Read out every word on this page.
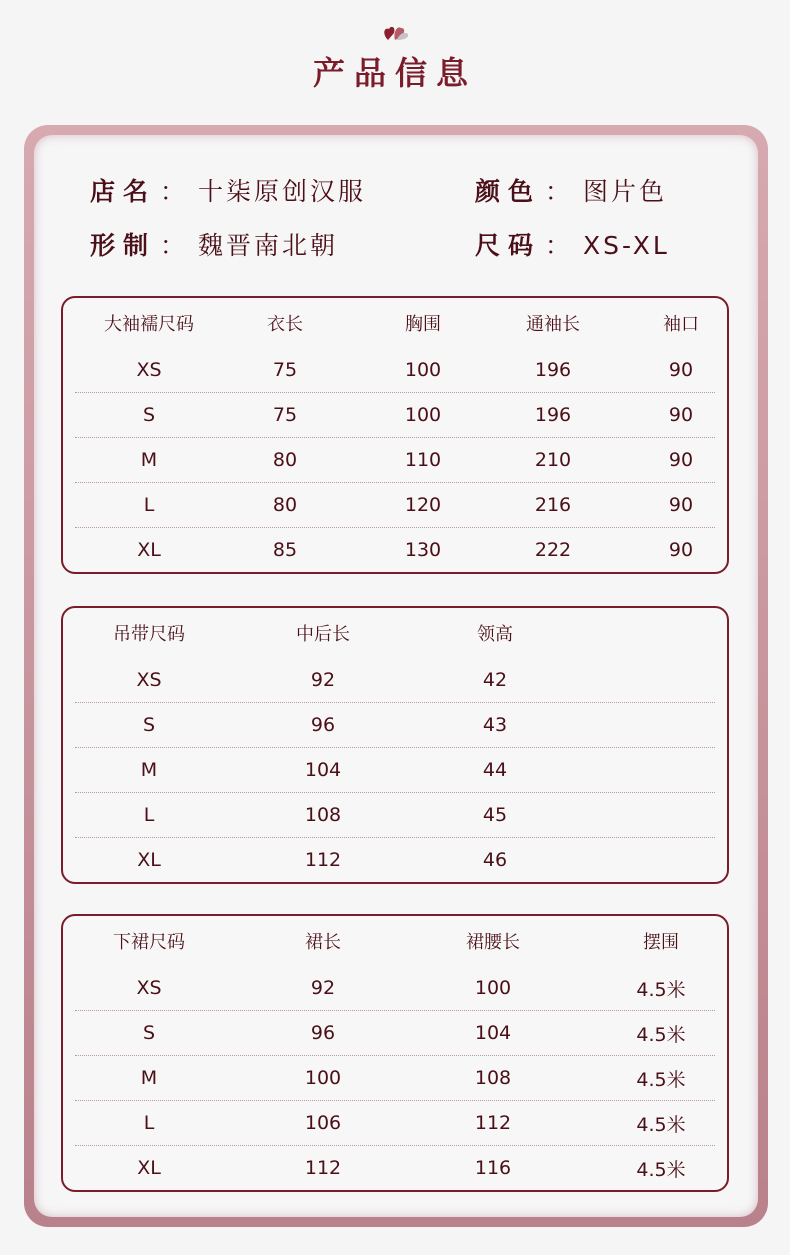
产品信息
店名 ： 十柒原创汉服	颜色 ： 图片色
形制 ： 魏晋南北朝	尺码 ： XS-XL
大袖襦尺码	衣长	胸围	通袖长	袖口
XS	75	100	196	90
S	75	100	196	90
M	80	110	210	90
L	80	120	216	90
XL	85	130	222	90
吊带尺码	中后长	领高
XS	92	42
S	96	43
M	104	44
L	108	45
XL	112	46
下裙尺码	裙长	裙腰长	摆围
XS	92	100	4.5米
S	96	104	4.5米
M	100	108	4.5米
L	106	112	4.5米
XL	112	116	4.5米
